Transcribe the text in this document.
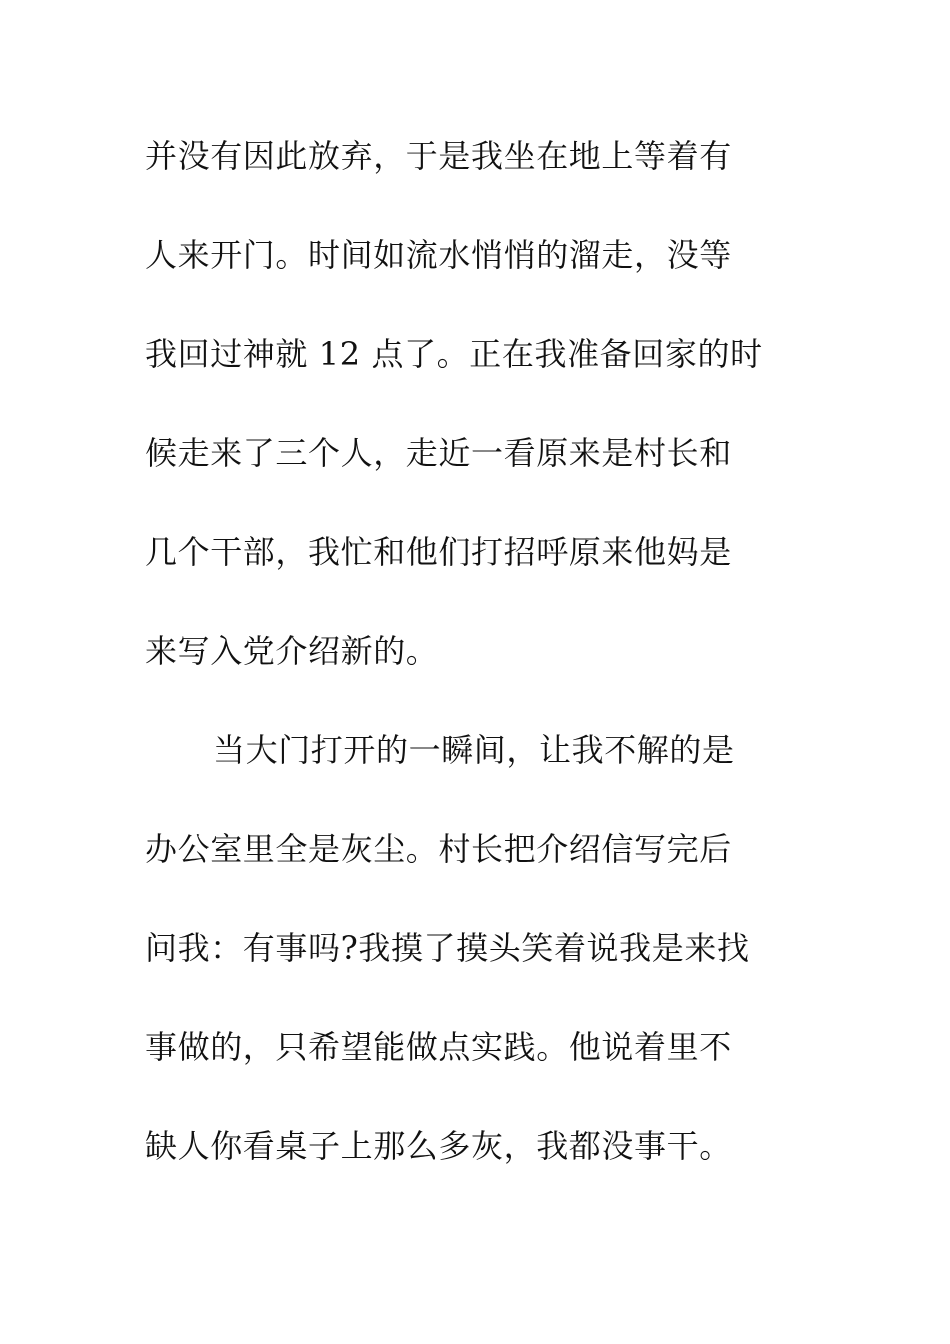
并没有因此放弃，于是我坐在地上等着有
人来开门。时间如流水悄悄的溜走，没等
我回过神就 12 点了。正在我准备回家的时
候走来了三个人，走近一看原来是村长和
几个干部，我忙和他们打招呼原来他妈是
来写入党介绍新的。
当大门打开的一瞬间，让我不解的是
办公室里全是灰尘。村长把介绍信写完后
问我：有事吗?我摸了摸头笑着说我是来找
事做的，只希望能做点实践。他说着里不
缺人你看桌子上那么多灰，我都没事干。
